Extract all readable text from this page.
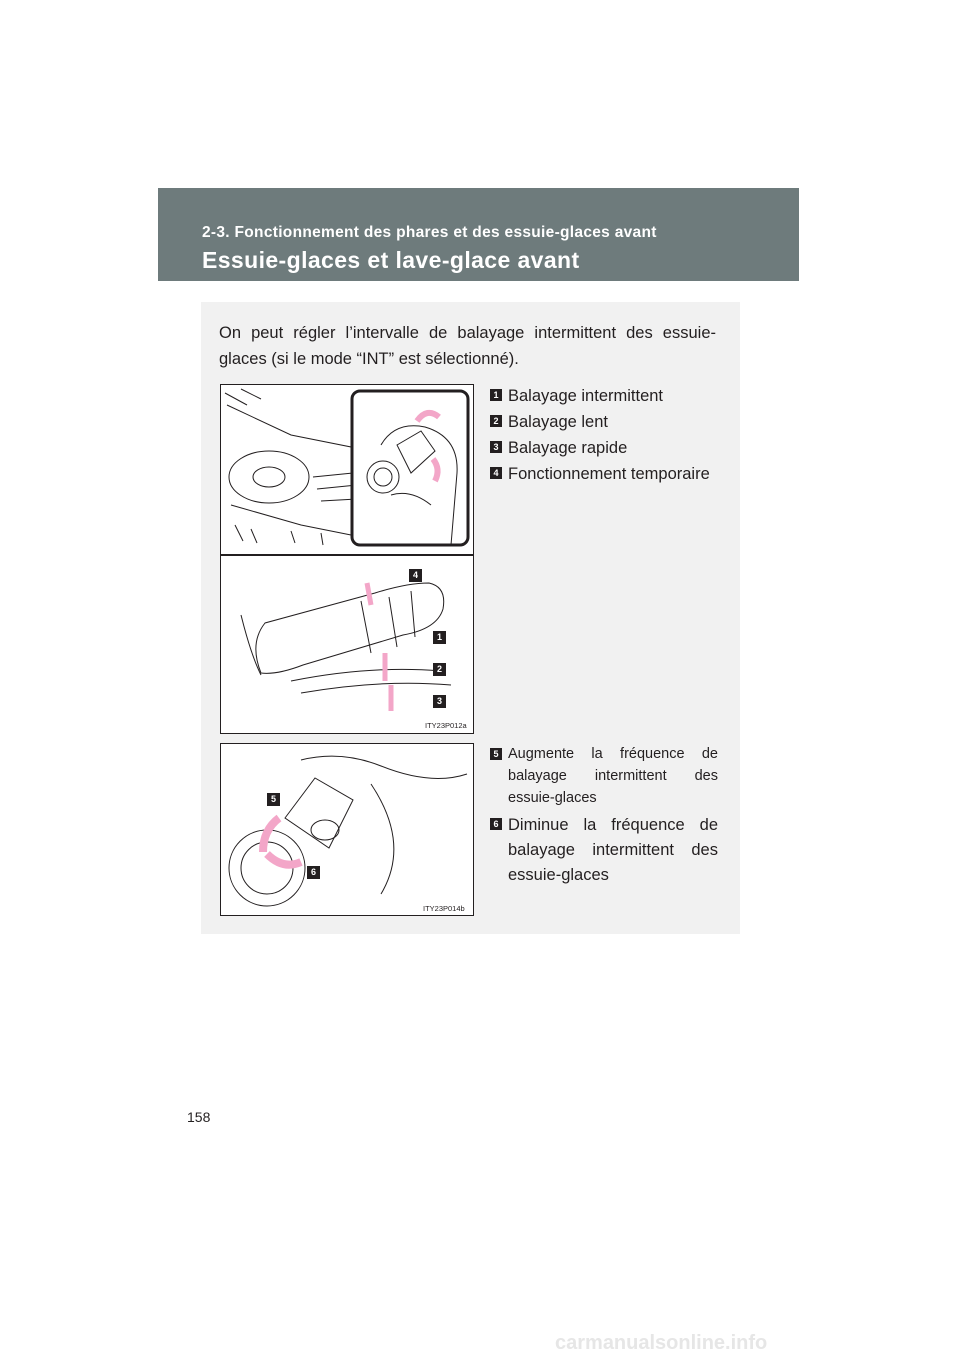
2-3. Fonctionnement des phares et des essuie-glaces avant
Essuie-glaces et lave-glace avant
On peut régler l’intervalle de balayage intermittent des essuie-glaces (si le mode “INT” est sélectionné).
4
1
2
3
ITY23P012a
5
6
ITY23P014b
1 Balayage intermittent
2 Balayage lent
3 Balayage rapide
4 Fonctionnement temporaire
5 Augmente la fréquence de balayage intermittent des essuie-glaces
6 Diminue la fréquence de balayage intermittent des essuie-glaces
158
carmanualsonline.info
